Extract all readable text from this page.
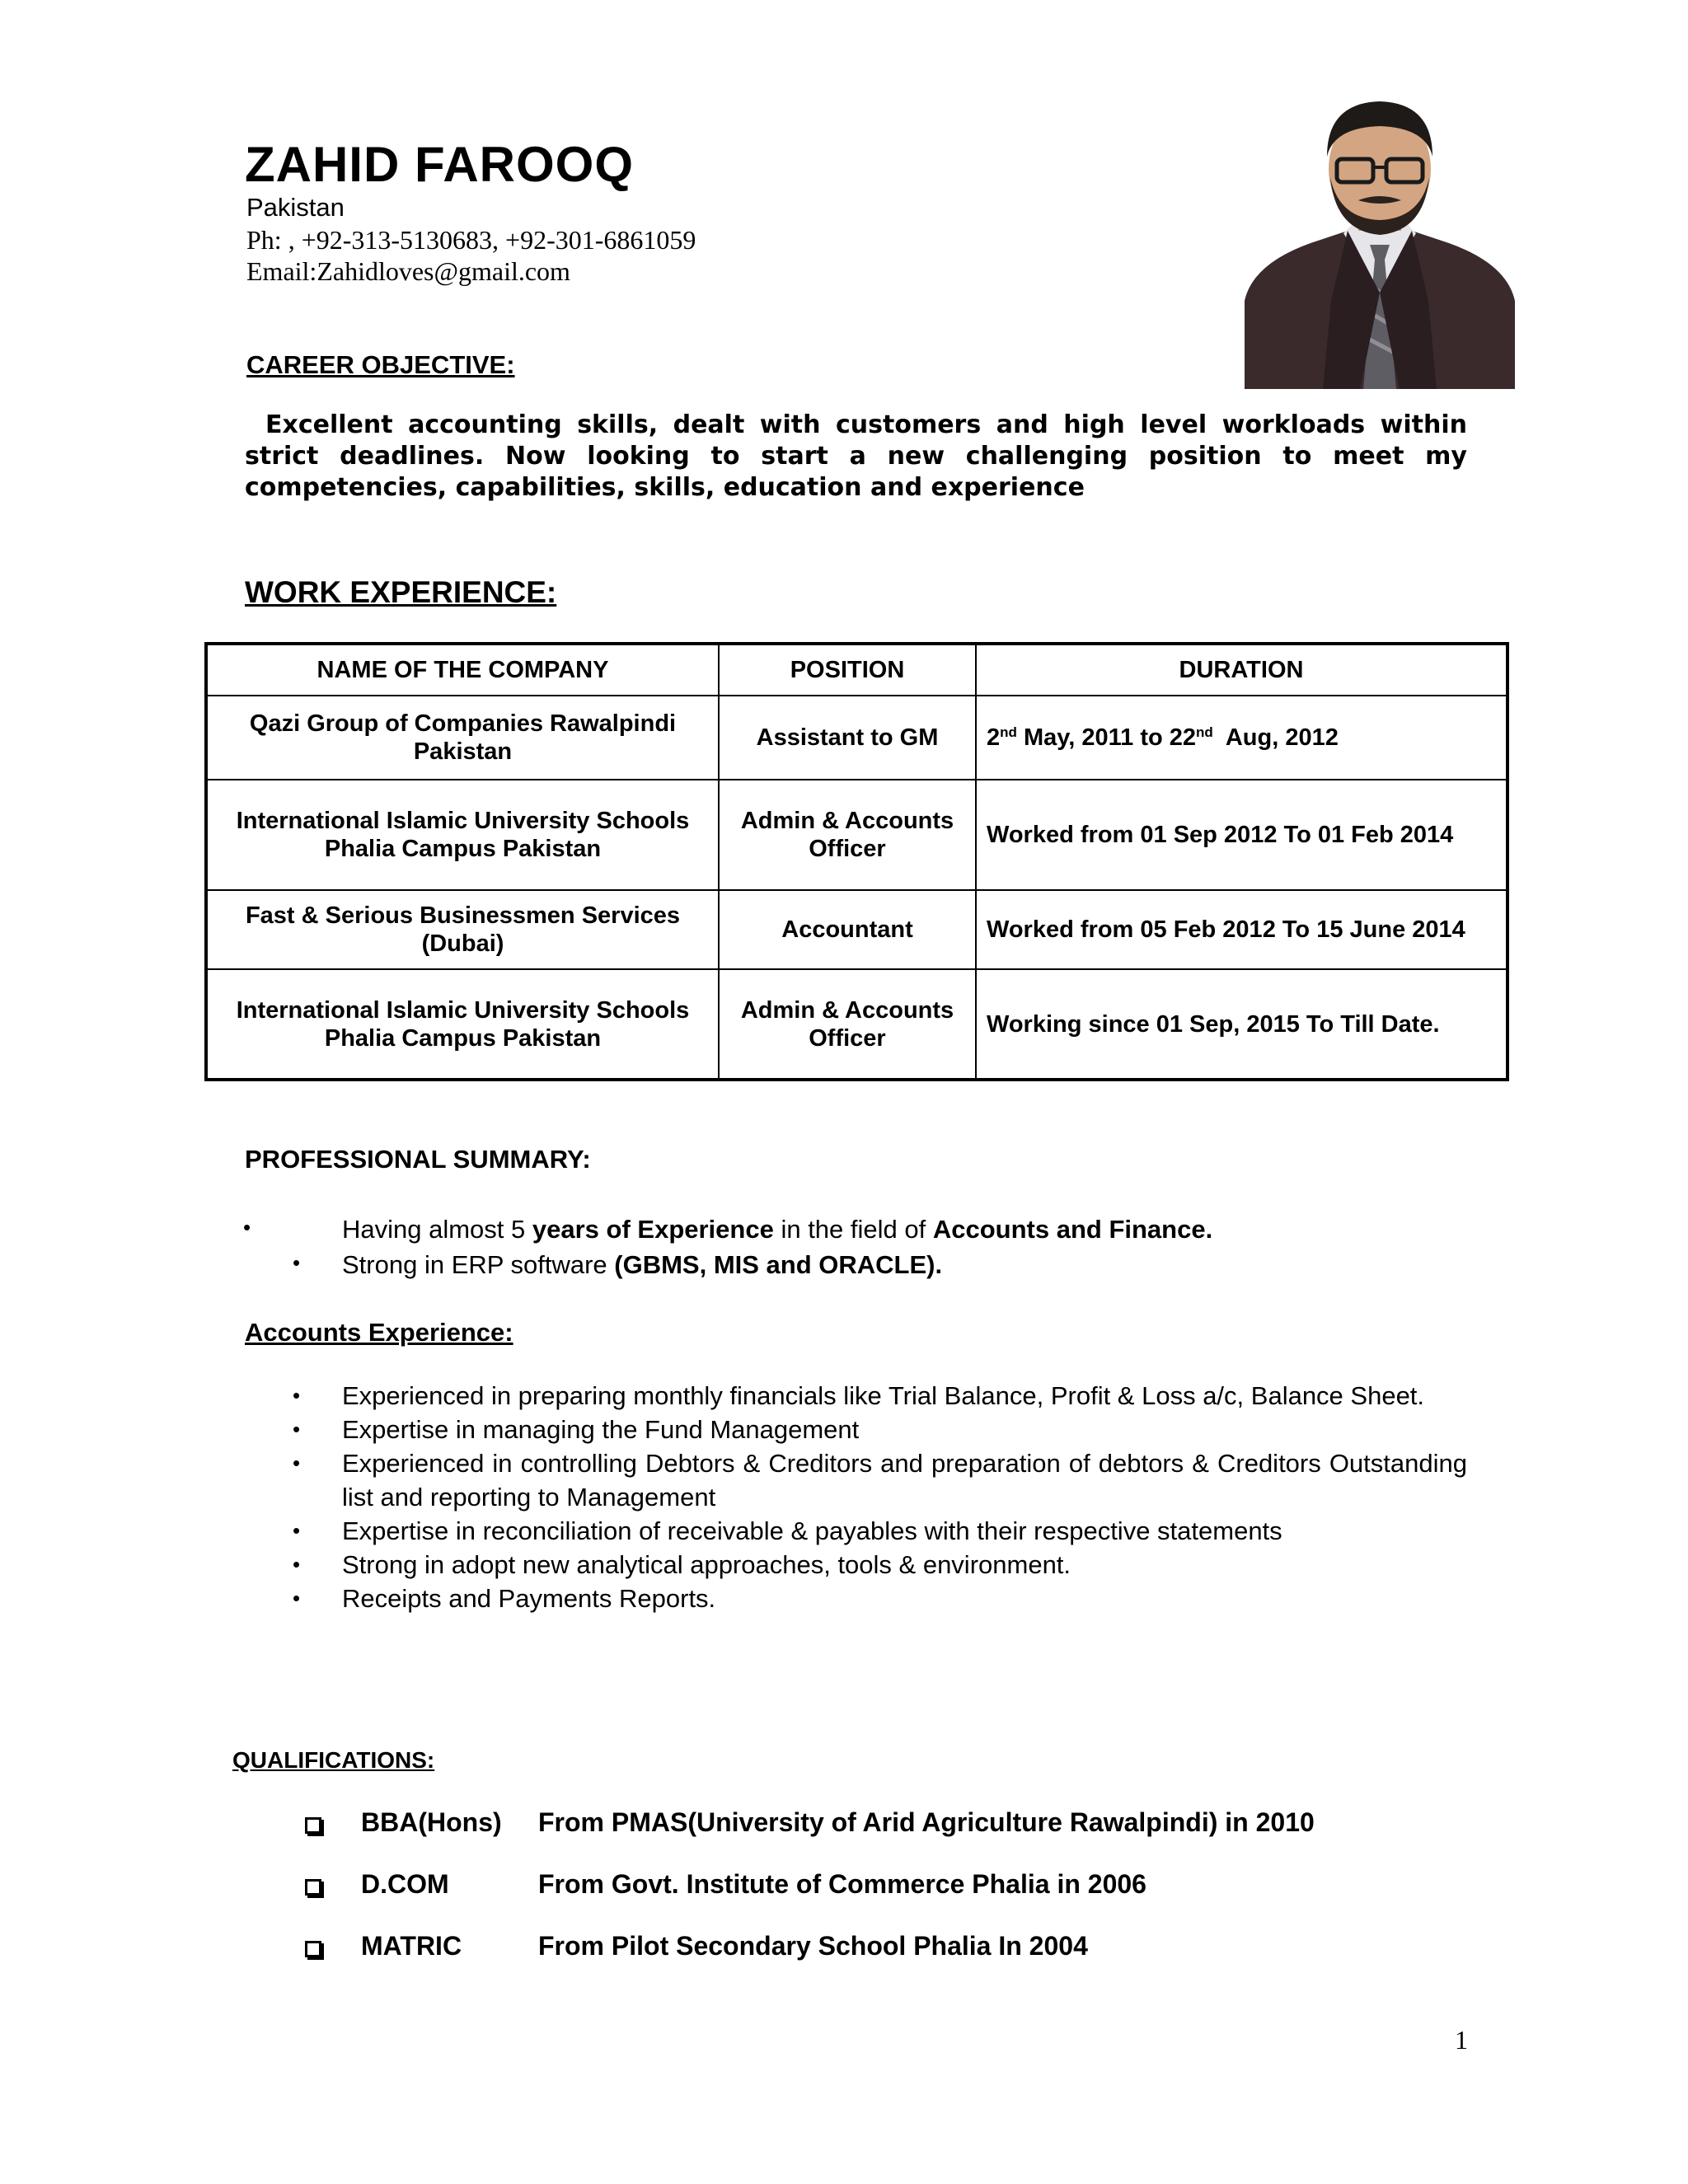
ZAHID FAROOQ
Pakistan
Ph: , +92-313-5130683, +92-301-6861059
Email:Zahidloves@gmail.com
CAREER OBJECTIVE:
Excellent accounting skills, dealt with customers and high level workloads within strict deadlines. Now looking to start a new challenging position to meet my competencies, capabilities, skills, education and experience
WORK EXPERIENCE:
NAME OF THE COMPANY	POSITION	DURATION
Qazi Group of Companies Rawalpindi Pakistan	Assistant to GM	2nd May, 2011 to 22nd  Aug, 2012
International Islamic University Schools Phalia Campus Pakistan	Admin & Accounts Officer	Worked from 01 Sep 2012 To 01 Feb 2014
Fast & Serious Businessmen Services (Dubai)	Accountant	Worked from 05 Feb 2012 To 15 June 2014
International Islamic University Schools Phalia Campus Pakistan	Admin & Accounts Officer	Working since 01 Sep, 2015 To Till Date.
PROFESSIONAL SUMMARY:
•	Having almost 5 years of Experience in the field of Accounts and Finance.
• Strong in ERP software (GBMS, MIS and ORACLE).
Accounts Experience:
• Experienced in preparing monthly financials like Trial Balance, Profit & Loss a/c, Balance Sheet.
• Expertise in managing the Fund Management
• Experienced in controlling Debtors & Creditors and preparation of debtors & Creditors Outstanding list and reporting to Management
• Expertise in reconciliation of receivable & payables with their respective statements
• Strong in adopt new analytical approaches, tools & environment.
• Receipts and Payments Reports.
QUALIFICATIONS:
BBA(Hons) From PMAS(University of Arid Agriculture Rawalpindi) in 2010
D.COM	From Govt. Institute of Commerce Phalia in 2006
MATRIC	From Pilot Secondary School Phalia In 2004
1
